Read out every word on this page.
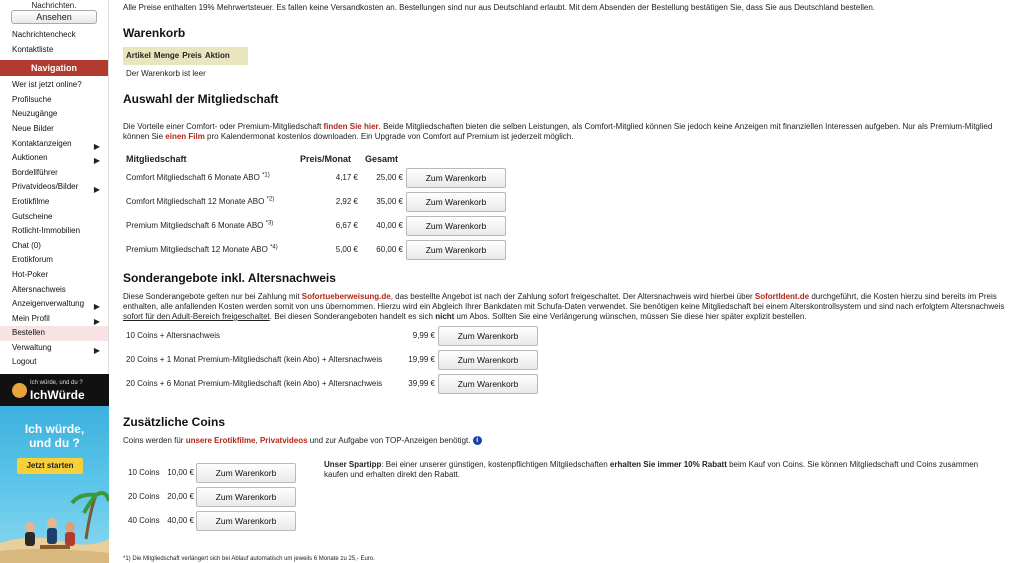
Nachrichten.
Ansehen
Nachrichtencheck
Kontaktliste
Navigation
Wer ist jetzt online?
Profilsuche
Neuzugänge
Neue Bilder
Kontaktanzeigen	▶
Auktionen	▶
Bordellführer
Privatvideos/Bilder ▶
Erotikfilme
Gutscheine
Rotlicht-Immobilien
Chat (0)
Erotikforum
Hot-Poker
Altersnachweis
Anzeigenverwaltung ▶
Mein Profil	▶
Bestellen
Verwaltung	▶
Logout
Ich würde, und du ?
IchWürde
Ich würde,
und du ?
Jetzt starten
Alle Preise enthalten 19% Mehrwertsteuer. Es fallen keine Versandkosten an. Bestellungen sind nur aus Deutschland erlaubt. Mit dem Absenden der Bestellung bestätigen Sie, dass Sie aus Deutschland bestellen.
Warenkorb
Artikel Menge Preis Aktion
Der Warenkorb ist leer
Auswahl der Mitgliedschaft
Die Vorteile einer Comfort- oder Premium-Mitgliedschaft finden Sie hier. Beide Mitgliedschaften bieten die selben Leistungen, als Comfort-Mitglied können Sie jedoch keine Anzeigen mit finanziellen Interessen aufgeben. Nur als Premium-Mitglied können Sie einen Film pro Kalendermonat kostenlos downloaden. Ein Upgrade von Comfort auf Premium ist jederzeit möglich.
Mitgliedschaft	Preis/Monat Gesamt
Comfort Mitgliedschaft 6 Monate ABO $^{*1)}$	4,17 €	25,00 €	Zum Warenkorb
Comfort Mitgliedschaft 12 Monate ABO $^{*2)}$	2,92 €	35,00 €	Zum Warenkorb
Premium Mitgliedschaft 6 Monate ABO $^{*3)}$	6,67 €	40,00 €	Zum Warenkorb
Premium Mitgliedschaft 12 Monate ABO $^{*4)}$	5,00 €	60,00 €	Zum Warenkorb
Sonderangebote inkl. Altersnachweis
Diese Sonderangebote gelten nur bei Zahlung mit Sofortueberweisung.de, das bestellte Angebot ist nach der Zahlung sofort freigeschaltet. Der Altersnachweis wird hierbei über SofortIdent.de durchgeführt, die Kosten hierzu sind bereits im Preis enthalten, alle anfallenden Kosten werden somit von uns übernommen. Hierzu wird ein Abgleich Ihrer Bankdaten mit Schufa-Daten verwendet. Sie benötigen keine Mitgliedschaft bei einem Alterskontrollsystem und sind nach erfolgtem Altersnachweis sofort für den Adult-Bereich freigeschaltet. Bei diesen Sonderangeboten handelt es sich nicht um Abos. Sollten Sie eine Verlängerung wünschen, müssen Sie diese hier später explizit bestellen.
10 Coins + Altersnachweis	9,99 €	Zum Warenkorb
20 Coins + 1 Monat Premium-Mitgliedschaft (kein Abo) + Altersnachweis	19,99 €	Zum Warenkorb
20 Coins + 6 Monat Premium-Mitgliedschaft (kein Abo) + Altersnachweis	39,99 €	Zum Warenkorb
Zusätzliche Coins
Coins werden für unsere Erotikfilme, Privatvideos und zur Aufgabe von TOP-Anzeigen benötigt. i
10 Coins 10,00 €	Zum Warenkorb
20 Coins 20,00 €	Zum Warenkorb
40 Coins 40,00 €	Zum Warenkorb
Unser Spartipp: Bei einer unserer günstigen, kostenpflichtigen Mitgliedschaften erhalten Sie immer 10% Rabatt beim Kauf von Coins. Sie können Mitgliedschaft und Coins zusammen kaufen und erhalten direkt den Rabatt.
*1) Die Mitgliedschaft verlängert sich bei Ablauf automatisch um jeweils 6 Monate zu 25,- Euro.
